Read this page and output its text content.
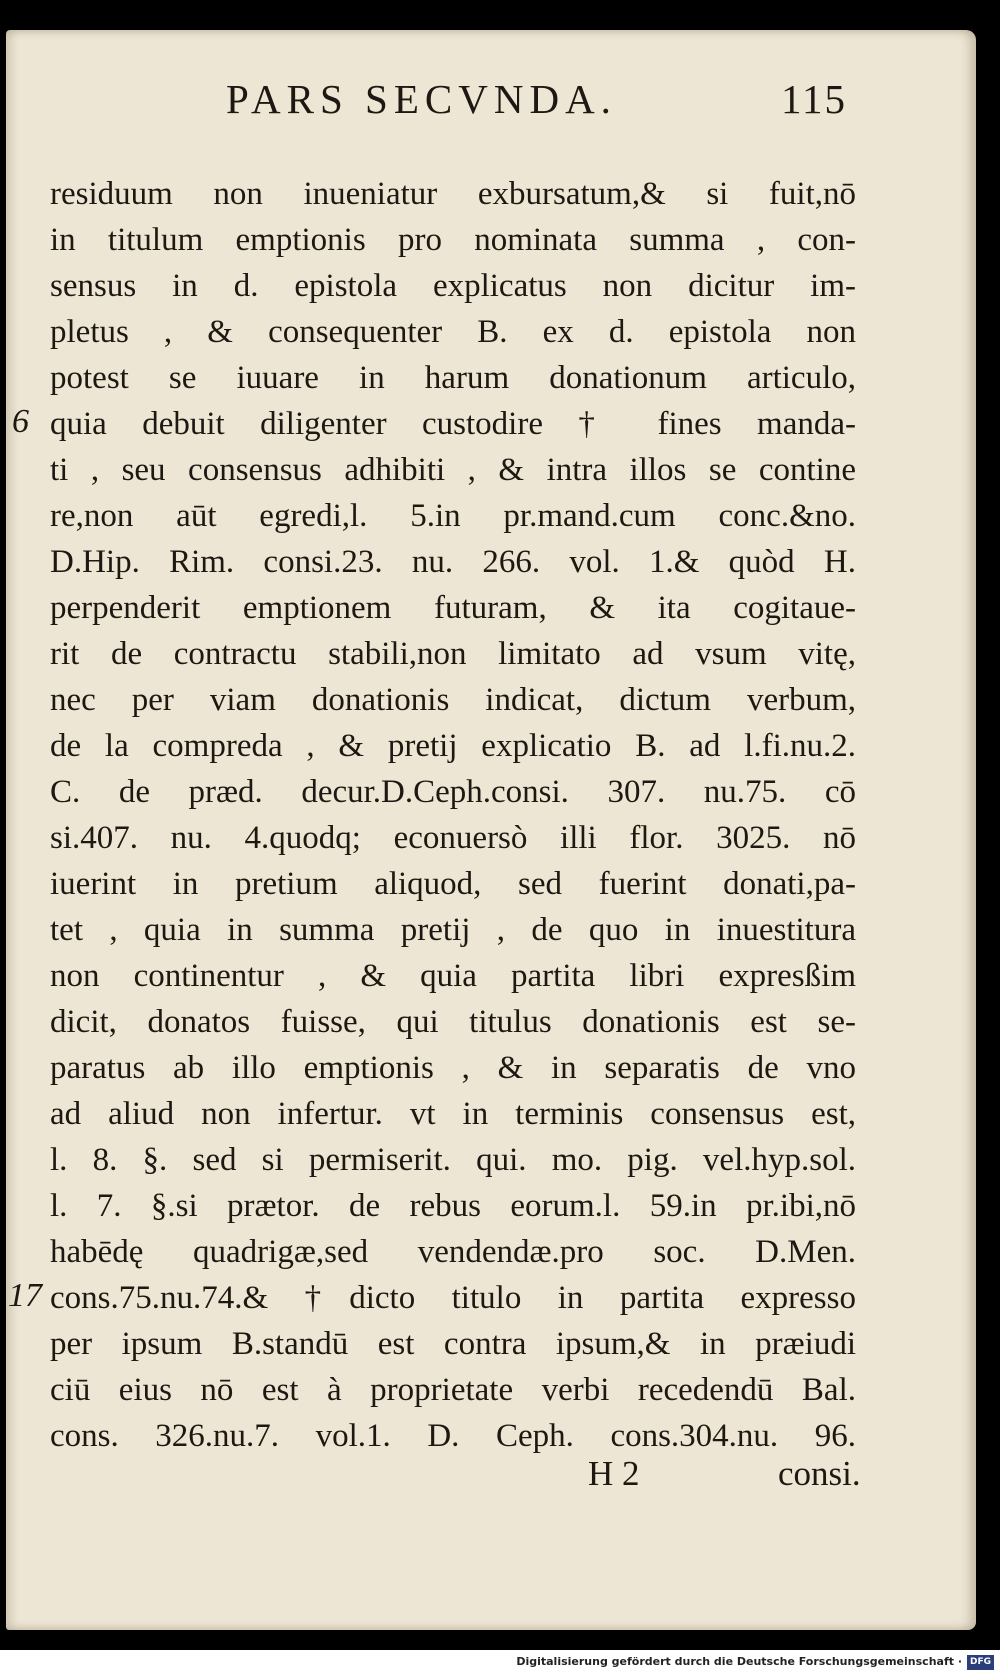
PARS SECVNDA.	115
residuum non inueniatur exbursatum,& si fuit,nō
in titulum emptionis pro nominata summa , con-
sensus in d. epistola explicatus non dicitur im-
pletus , & consequenter B. ex d. epistola non
potest se iuuare in harum donationum articulo,
quia debuit diligenter custodire † fines manda-
ti , seu consensus adhibiti , & intra illos se contine
re,non aūt egredi,l. 5.in pr.mand.cum conc.&no.
D.Hip. Rim. consi.23. nu. 266. vol. 1.& quòd H.
perpenderit emptionem futuram, & ita cogitaue-
rit de contractu stabili,non limitato ad vsum vitę,
nec per viam donationis indicat, dictum verbum,
de la compreda , & pretij explicatio B. ad l.fi.nu.2.
C. de præd. decur.D.Ceph.consi. 307. nu.75. cō
si.407. nu. 4.quodq; econuersò illi flor. 3025. nō
iuerint in pretium aliquod, sed fuerint donati,pa-
tet , quia in summa pretij , de quo in inuestitura
non continentur , & quia partita libri expresßim
dicit, donatos fuisse, qui titulus donationis est se-
paratus ab illo emptionis , & in separatis de vno
ad aliud non infertur. vt in terminis consensus est,
l. 8. §. sed si permiserit. qui. mo. pig. vel.hyp.sol.
l. 7. §.si prætor. de rebus eorum.l. 59.in pr.ibi,nō
habēdę quadrigæ,sed vendendæ.pro soc. D.Men.
cons.75.nu.74.& †dicto titulo in partita expresso
per ipsum B.standū est contra ipsum,& in præiudi
ciū eius nō est à proprietate verbi recedendū Bal.
cons. 326.nu.7. vol.1. D. Ceph. cons.304.nu. 96.
6
17
H 2	consi.
Digitalisierung gefördert durch die Deutsche Forschungsgemeinschaft · DFG
